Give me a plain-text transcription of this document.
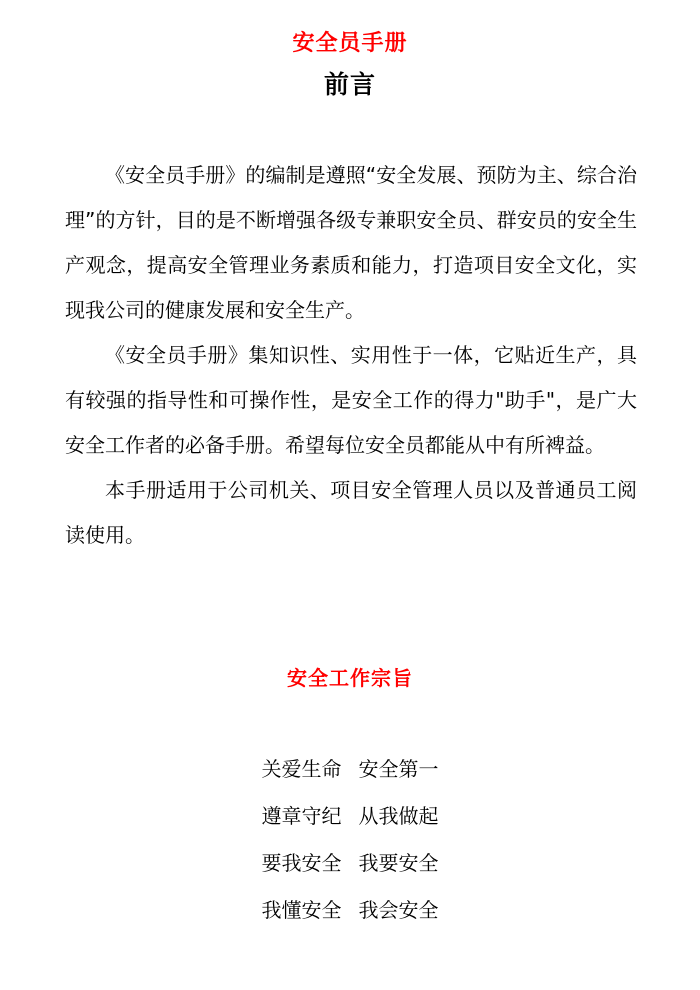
安全员手册
前言

《安全员手册》的编制是遵照“安全发展、预防为主、综合治理”的方针，目的是不断增强各级专兼职安全员、群安员的安全生产观念，提高安全管理业务素质和能力，打造项目安全文化，实现我公司的健康发展和安全生产。

《安全员手册》集知识性、实用性于一体，它贴近生产，具有较强的指导性和可操作性，是安全工作的得力"助手"，是广大安全工作者的必备手册。希望每位安全员都能从中有所裨益。

本手册适用于公司机关、项目安全管理人员以及普通员工阅读使用。

安全工作宗旨
关爱生命 安全第一
遵章守纪 从我做起
要我安全 我要安全
我懂安全 我会安全
